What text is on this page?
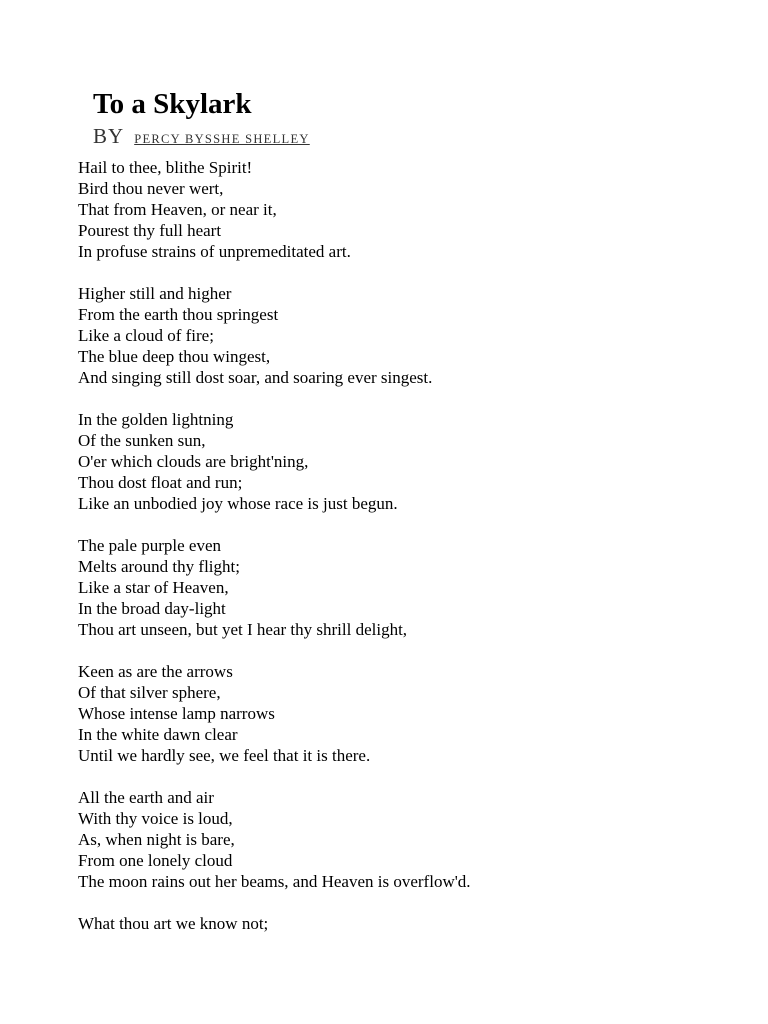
To a Skylark
BY PERCY BYSSHE SHELLEY
Hail to thee, blithe Spirit!
Bird thou never wert,
That from Heaven, or near it,
Pourest thy full heart
In profuse strains of unpremeditated art.
Higher still and higher
From the earth thou springest
Like a cloud of fire;
The blue deep thou wingest,
And singing still dost soar, and soaring ever singest.
In the golden lightning
Of the sunken sun,
O'er which clouds are bright'ning,
Thou dost float and run;
Like an unbodied joy whose race is just begun.
The pale purple even
Melts around thy flight;
Like a star of Heaven,
In the broad day-light
Thou art unseen, but yet I hear thy shrill delight,
Keen as are the arrows
Of that silver sphere,
Whose intense lamp narrows
In the white dawn clear
Until we hardly see, we feel that it is there.
All the earth and air
With thy voice is loud,
As, when night is bare,
From one lonely cloud
The moon rains out her beams, and Heaven is overflow'd.
What thou art we know not;
